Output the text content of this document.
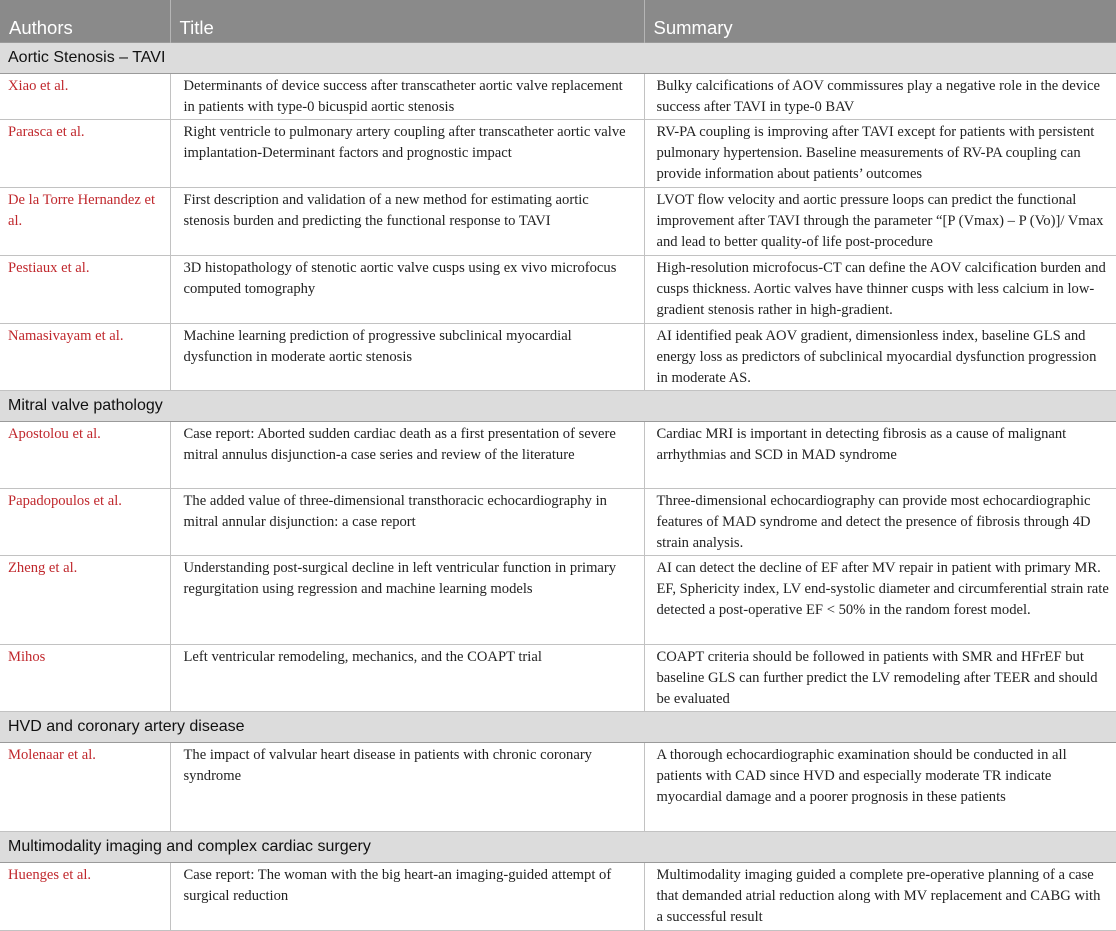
Authors	Title	Summary
Aortic Stenosis – TAVI		
Xiao et al.	Determinants of device success after transcatheter aortic valve replacement in patients with type-0 bicuspid aortic stenosis	Bulky calcifications of AOV commissures play a negative role in the device success after TAVI in type-0 BAV
Parasca et al.	Right ventricle to pulmonary artery coupling after transcatheter aortic valve implantation-Determinant factors and prognostic impact	RV-PA coupling is improving after TAVI except for patients with persistent pulmonary hypertension. Baseline measurements of RV-PA coupling can provide information about patients’ outcomes
De la Torre Hernandez et al.	First description and validation of a new method for estimating aortic stenosis burden and predicting the functional response to TAVI	LVOT flow velocity and aortic pressure loops can predict the functional improvement after TAVI through the parameter “[P (Vmax) – P (Vo)]/ Vmax and lead to better quality-of life post-procedure
Pestiaux et al.	3D histopathology of stenotic aortic valve cusps using ex vivo microfocus computed tomography	High-resolution microfocus-CT can define the AOV calcification burden and cusps thickness. Aortic valves have thinner cusps with less calcium in low-gradient stenosis rather in high-gradient.
Namasivayam et al.	Machine learning prediction of progressive subclinical myocardial dysfunction in moderate aortic stenosis	AI identified peak AOV gradient, dimensionless index, baseline GLS and energy loss as predictors of subclinical myocardial dysfunction progression in moderate AS.
Mitral valve pathology		
Apostolou et al.	Case report: Aborted sudden cardiac death as a first presentation of severe mitral annulus disjunction-a case series and review of the literature	Cardiac MRI is important in detecting fibrosis as a cause of malignant arrhythmias and SCD in MAD syndrome
Papadopoulos et al.	The added value of three-dimensional transthoracic echocardiography in mitral annular disjunction: a case report	Three-dimensional echocardiography can provide most echocardiographic features of MAD syndrome and detect the presence of fibrosis through 4D strain analysis.
Zheng et al.	Understanding post-surgical decline in left ventricular function in primary regurgitation using regression and machine learning models	AI can detect the decline of EF after MV repair in patient with primary MR. EF, Sphericity index, LV end-systolic diameter and circumferential strain rate detected a post-operative EF < 50% in the random forest model.
Mihos	Left ventricular remodeling, mechanics, and the COAPT trial	COAPT criteria should be followed in patients with SMR and HFrEF but baseline GLS can further predict the LV remodeling after TEER and should be evaluated
HVD and coronary artery disease		
Molenaar et al.	The impact of valvular heart disease in patients with chronic coronary syndrome	A thorough echocardiographic examination should be conducted in all patients with CAD since HVD and especially moderate TR indicate myocardial damage and a poorer prognosis in these patients
Multimodality imaging and complex cardiac surgery		
Huenges et al.	Case report: The woman with the big heart-an imaging-guided attempt of surgical reduction	Multimodality imaging guided a complete pre-operative planning of a case that demanded atrial reduction along with MV replacement and CABG with a successful result
